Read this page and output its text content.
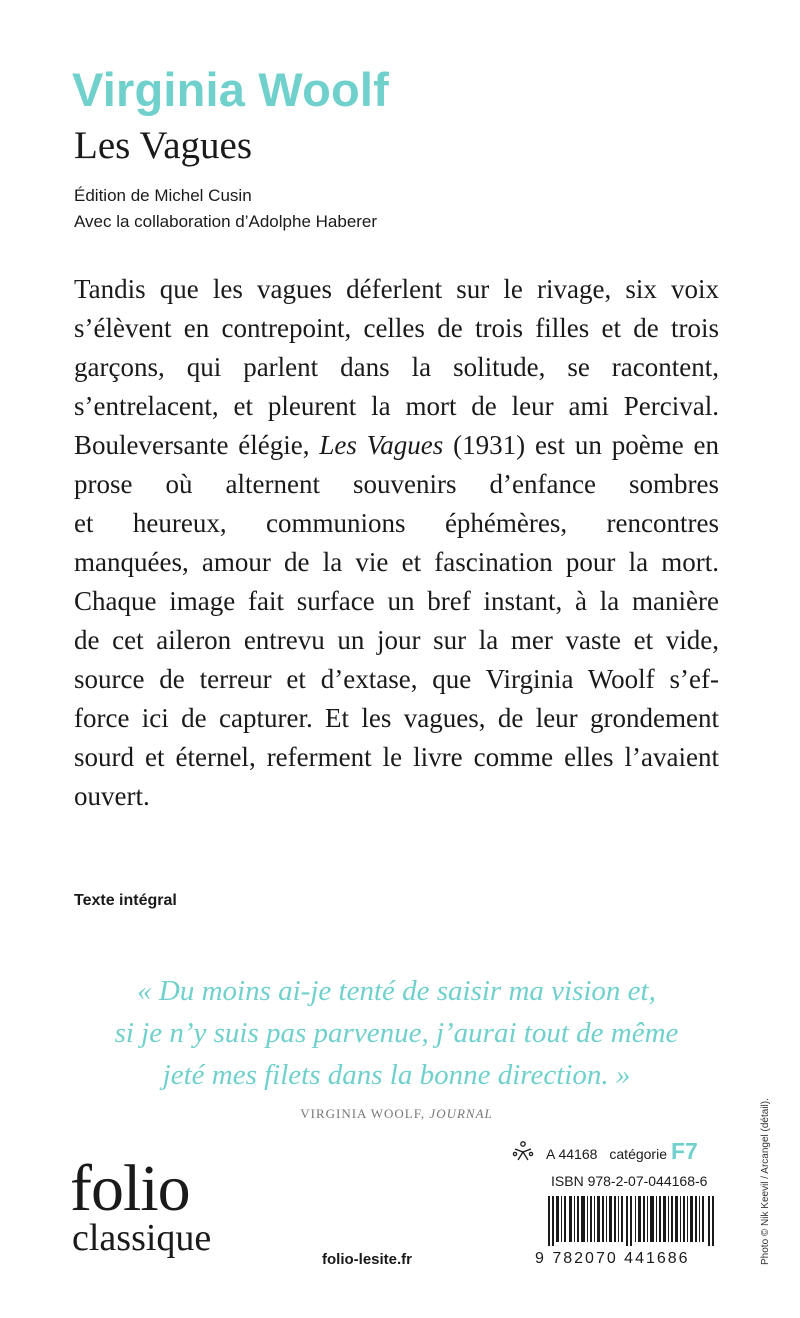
Virginia Woolf
Les Vagues
Édition de Michel Cusin
Avec la collaboration d’Adolphe Haberer
Tandis que les vagues déferlent sur le rivage, six voix
s’élèvent en contrepoint, celles de trois filles et de trois
garçons, qui parlent dans la solitude, se racontent,
s’entrelacent, et pleurent la mort de leur ami Percival.
Bouleversante élégie, Les Vagues (1931) est un poème en
prose où alternent souvenirs d’enfance sombres
et heureux, communions éphémères, rencontres
manquées, amour de la vie et fascination pour la mort.
Chaque image fait surface un bref instant, à la manière
de cet aileron entrevu un jour sur la mer vaste et vide,
source de terreur et d’extase, que Virginia Woolf s’ef-
force ici de capturer. Et les vagues, de leur grondement
sourd et éternel, referment le livre comme elles l’avaient
ouvert.
Texte intégral
« Du moins ai-je tenté de saisir ma vision et,
si je n’y suis pas parvenue, j’aurai tout de même
jeté mes filets dans la bonne direction. »
VIRGINIA WOOLF, JOURNAL
folio
classique
folio-lesite.fr
A 44168 catégorie F7
ISBN 978-2-07-044168-6
9 782070 441686	Photo © Nik Keevil / Arcangel (détail).
